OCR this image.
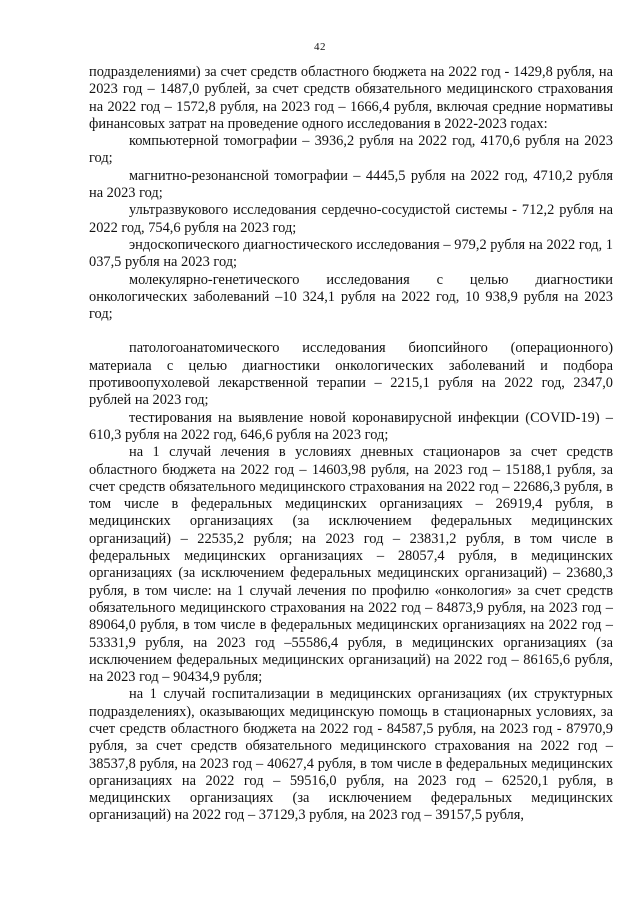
42

подразделениями) за счет средств областного бюджета на 2022 год - 1429,8 рубля, на 2023 год – 1487,0 рублей, за счет средств обязательного медицинского страхования на 2022 год – 1572,8 рубля, на 2023 год – 1666,4 рубля, включая средние нормативы финансовых затрат на проведение одного исследования в 2022-2023 годах:

компьютерной томографии – 3936,2 рубля на 2022 год, 4170,6 рубля на 2023 год;

магнитно-резонансной томографии – 4445,5 рубля на 2022 год, 4710,2 рубля на 2023 год;

ультразвукового исследования сердечно-сосудистой системы - 712,2 рубля на 2022 год, 754,6 рубля на 2023 год;

эндоскопического диагностического исследования – 979,2 рубля на 2022 год, 1 037,5 рубля на 2023 год;

молекулярно-генетического исследования с целью диагностики онкологических заболеваний –10 324,1 рубля на 2022 год, 10 938,9 рубля на 2023 год;

патологоанатомического исследования биопсийного (операционного) материала с целью диагностики онкологических заболеваний и подбора противоопухолевой лекарственной терапии – 2215,1 рубля на 2022 год, 2347,0 рублей на 2023 год;

тестирования на выявление новой коронавирусной инфекции (COVID-19) – 610,3 рубля на 2022 год, 646,6 рубля на 2023 год;

на 1 случай лечения в условиях дневных стационаров за счет средств областного бюджета на 2022 год – 14603,98 рубля, на 2023 год – 15188,1 рубля, за счет средств обязательного медицинского страхования на 2022 год – 22686,3 рубля, в том числе в федеральных медицинских организациях – 26919,4 рубля, в медицинских организациях (за исключением федеральных медицинских организаций) – 22535,2 рубля; на 2023 год – 23831,2 рубля, в том числе в федеральных медицинских организациях – 28057,4 рубля, в медицинских организациях (за исключением федеральных медицинских организаций) – 23680,3 рубля, в том числе: на 1 случай лечения по профилю «онкология» за счет средств обязательного медицинского страхования на 2022 год – 84873,9 рубля, на 2023 год – 89064,0 рубля, в том числе в федеральных медицинских организациях на 2022 год – 53331,9 рубля, на 2023 год –55586,4 рубля, в медицинских организациях (за исключением федеральных медицинских организаций) на 2022 год – 86165,6 рубля, на 2023 год – 90434,9 рубля;

на 1 случай госпитализации в медицинских организациях (их структурных подразделениях), оказывающих медицинскую помощь в стационарных условиях, за счет средств областного бюджета на 2022 год - 84587,5 рубля, на 2023 год - 87970,9 рубля, за счет средств обязательного медицинского страхования на 2022 год – 38537,8 рубля, на 2023 год – 40627,4 рубля, в том числе в федеральных медицинских организациях на 2022 год – 59516,0 рубля, на 2023 год – 62520,1 рубля, в медицинских организациях (за исключением федеральных медицинских организаций) на 2022 год – 37129,3 рубля, на 2023 год – 39157,5 рубля,
